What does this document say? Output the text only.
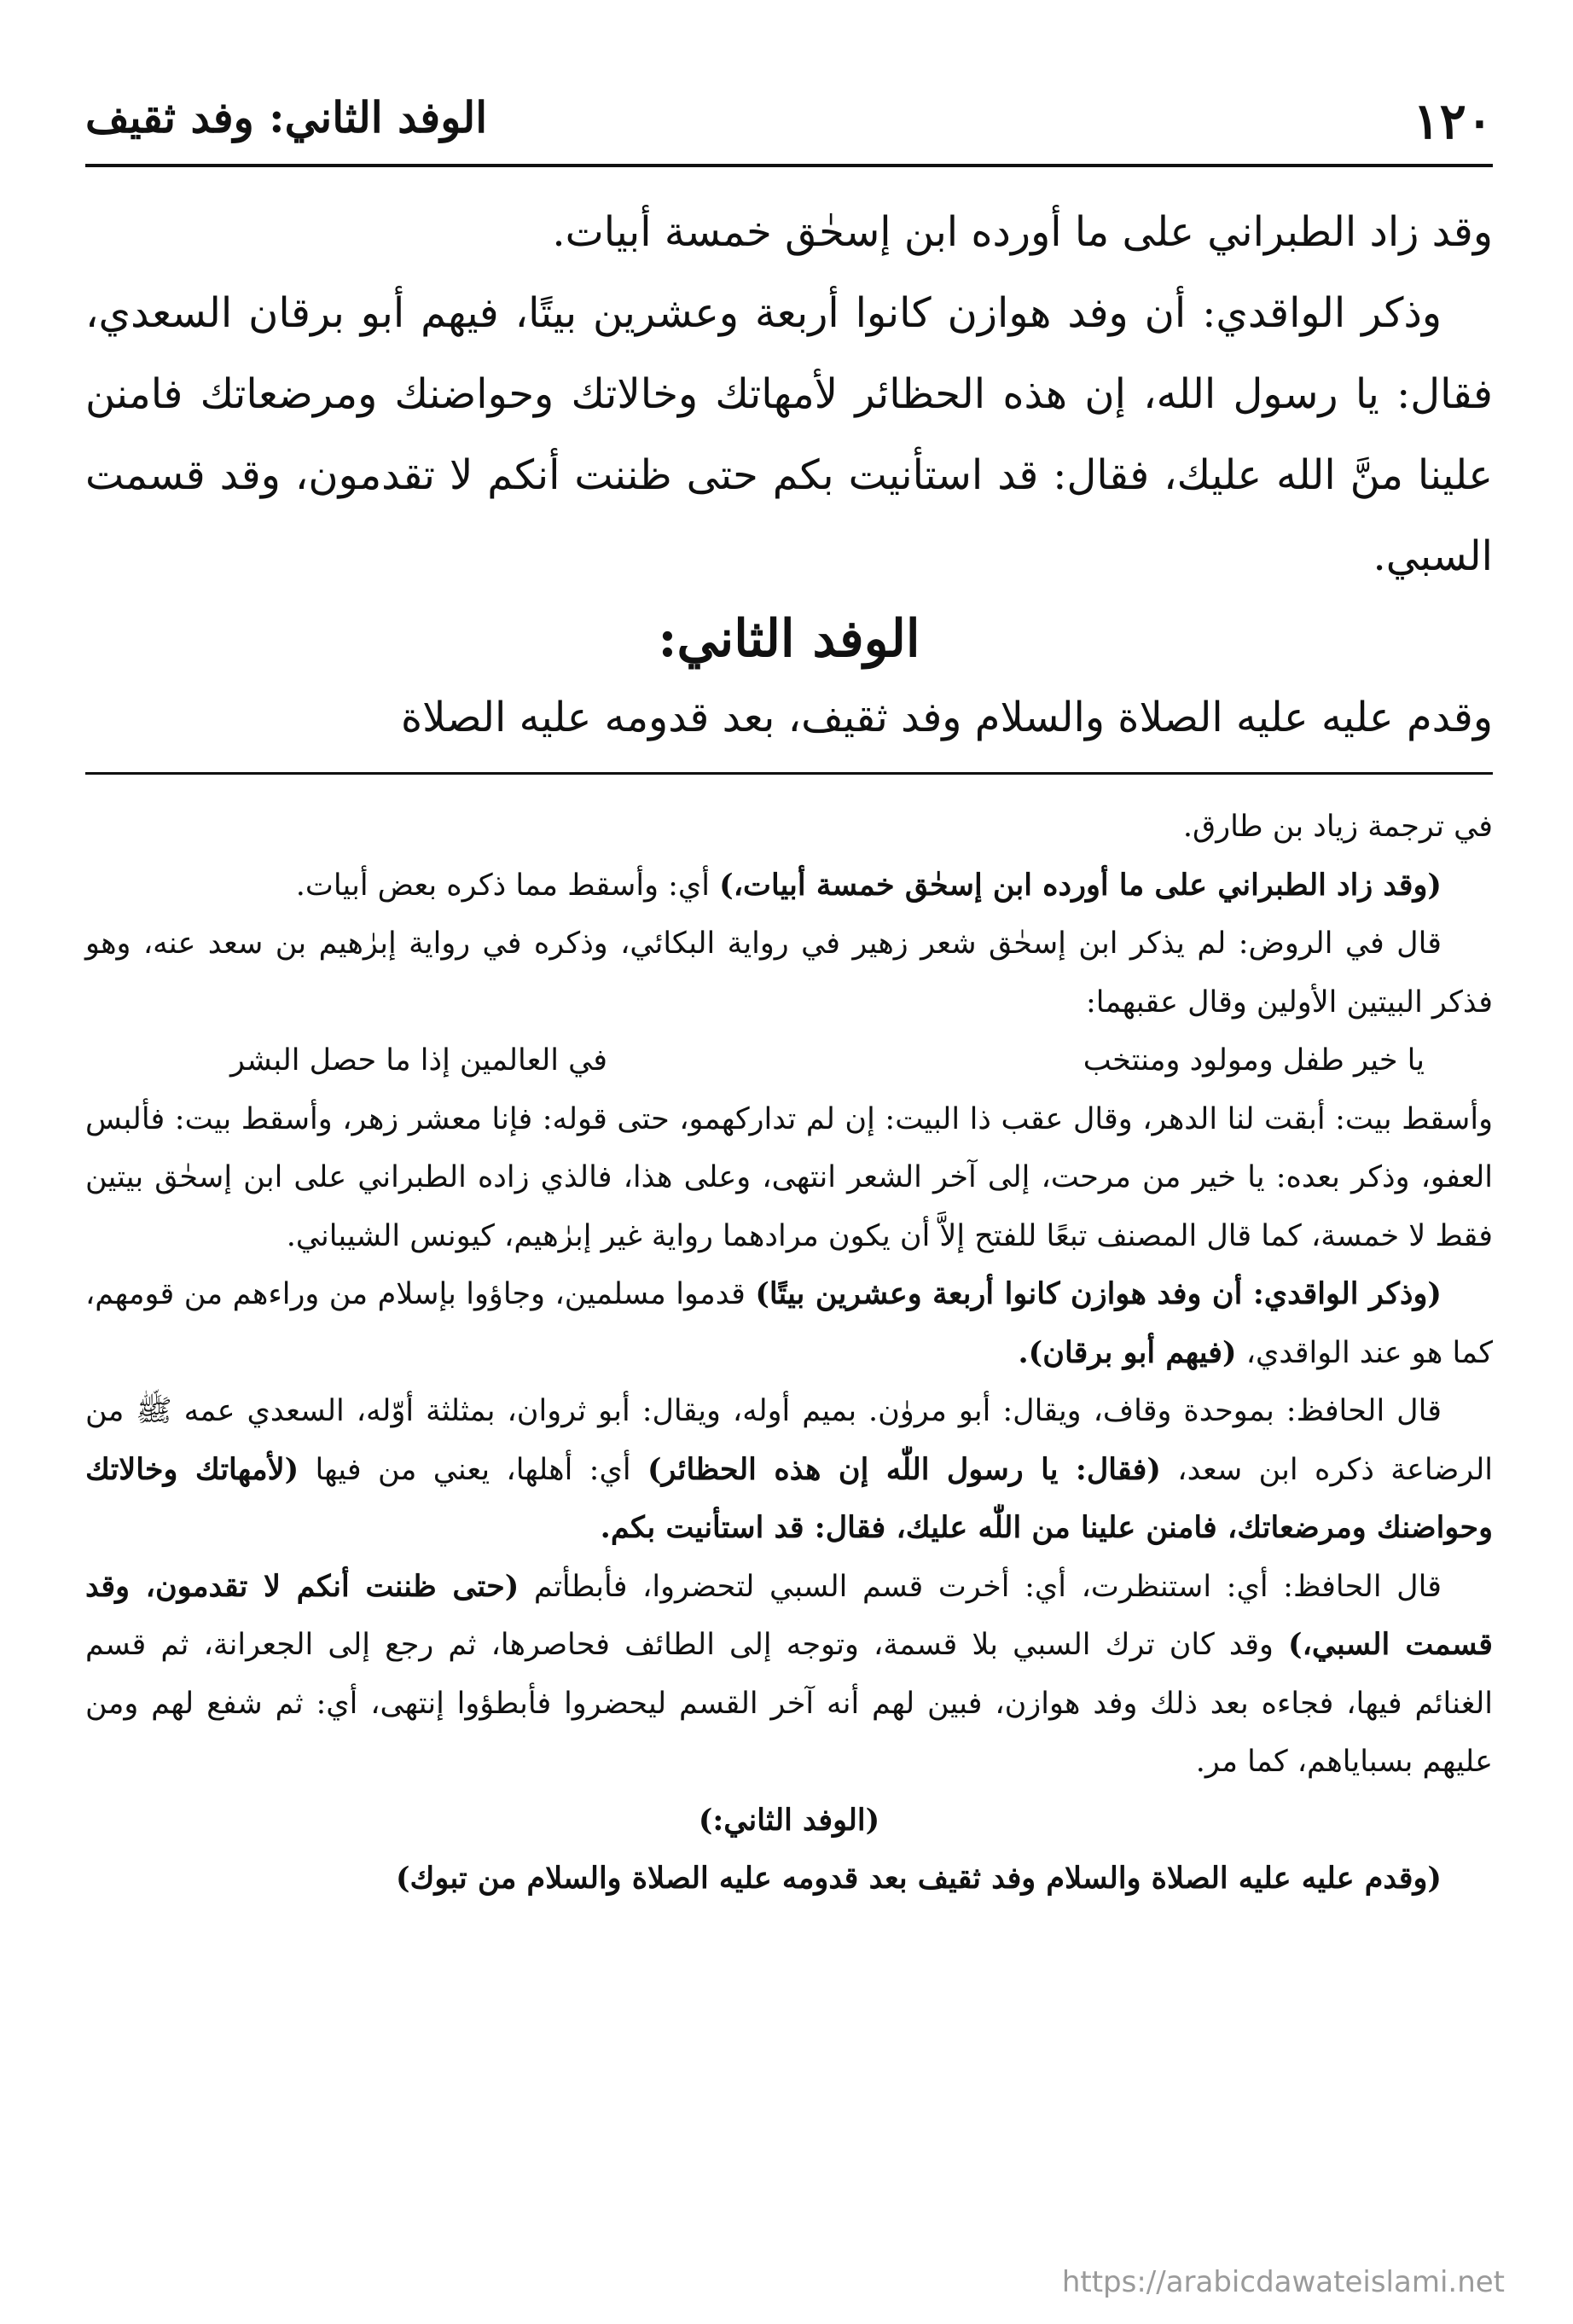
١٢٠
الوفد الثاني: وفد ثقيف

وقد زاد الطبراني على ما أورده ابن إسحٰق خمسة أبيات.

وذكر الواقدي: أن وفد هوازن كانوا أربعة وعشرين بيتًا، فيهم أبو برقان السعدي، فقال: يا رسول الله، إن هذه الحظائر لأمهاتك وخالاتك وحواضنك ومرضعاتك فامنن علينا منَّ الله عليك، فقال: قد استأنيت بكم حتى ظننت أنكم لا تقدمون، وقد قسمت السبي.

الوفد الثاني:

وقدم عليه عليه الصلاة والسلام وفد ثقيف، بعد قدومه عليه الصلاة

في ترجمة زياد بن طارق.

(وقد زاد الطبراني على ما أورده ابن إسحٰق خمسة أبيات،) أي: وأسقط مما ذكره بعض أبيات.

قال في الروض: لم يذكر ابن إسحٰق شعر زهير في رواية البكائي، وذكره في رواية إبرٰهيم بن سعد عنه، وهو فذكر البيتين الأولين وقال عقبهما:

يا خير طفل ومولود ومنتخب
في العالمين إذا ما حصل البشر

وأسقط بيت: أبقت لنا الدهر، وقال عقب ذا البيت: إن لم تداركهمو، حتى قوله: فإنا معشر زهر، وأسقط بيت: فألبس العفو، وذكر بعده: يا خير من مرحت، إلى آخر الشعر انتهى، وعلى هذا، فالذي زاده الطبراني على ابن إسحٰق بيتين فقط لا خمسة، كما قال المصنف تبعًا للفتح إلاَّ أن يكون مرادهما رواية غير إبرٰهيم، كيونس الشيباني.

(وذكر الواقدي: أن وفد هوازن كانوا أربعة وعشرين بيتًا) قدموا مسلمين، وجاؤوا بإسلام من وراءهم من قومهم، كما هو عند الواقدي، (فيهم أبو برقان).

قال الحافظ: بموحدة وقاف، ويقال: أبو مروٰن. بميم أوله، ويقال: أبو ثروان، بمثلثة أوّله، السعدي عمه ﷺ من الرضاعة ذكره ابن سعد، (فقال: يا رسول اللّٰه إن هذه الحظائر) أي: أهلها، يعني من فيها (لأمهاتك وخالاتك وحواضنك ومرضعاتك، فامنن علينا من اللّٰه عليك، فقال: قد استأنيت بكم.

قال الحافظ: أي: استنظرت، أي: أخرت قسم السبي لتحضروا، فأبطأتم (حتى ظننت أنكم لا تقدمون، وقد قسمت السبي،) وقد كان ترك السبي بلا قسمة، وتوجه إلى الطائف فحاصرها، ثم رجع إلى الجعرانة، ثم قسم الغنائم فيها، فجاءه بعد ذلك وفد هوازن، فبين لهم أنه آخر القسم ليحضروا فأبطؤوا إنتهى، أي: ثم شفع لهم ومن عليهم بسباياهم، كما مر.

(الوفد الثاني:)

(وقدم عليه عليه الصلاة والسلام وفد ثقيف بعد قدومه عليه الصلاة والسلام من تبوك)

https://arabicdawateislami.net
